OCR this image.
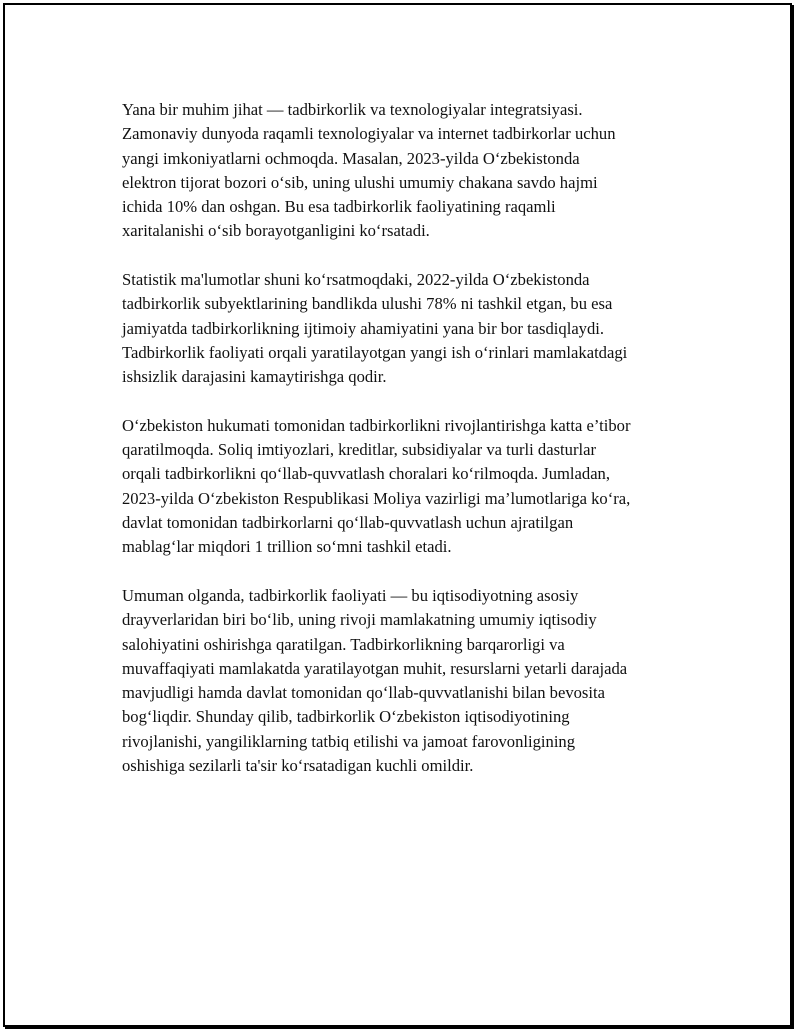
Yana bir muhim jihat — tadbirkorlik va texnologiyalar integratsiyasi.
Zamonaviy dunyoda raqamli texnologiyalar va internet tadbirkorlar uchun
yangi imkoniyatlarni ochmoqda. Masalan, 2023-yilda Oʻzbekistonda
elektron tijorat bozori oʻsib, uning ulushi umumiy chakana savdo hajmi
ichida 10% dan oshgan. Bu esa tadbirkorlik faoliyatining raqamli
xaritalanishi oʻsib borayotganligini koʻrsatadi.

Statistik ma'lumotlar shuni koʻrsatmoqdaki, 2022-yilda Oʻzbekistonda
tadbirkorlik subyektlarining bandlikda ulushi 78% ni tashkil etgan, bu esa
jamiyatda tadbirkorlikning ijtimoiy ahamiyatini yana bir bor tasdiqlaydi.
Tadbirkorlik faoliyati orqali yaratilayotgan yangi ish oʻrinlari mamlakatdagi
ishsizlik darajasini kamaytirishga qodir.

Oʻzbekiston hukumati tomonidan tadbirkorlikni rivojlantirishga katta e’tibor
qaratilmoqda. Soliq imtiyozlari, kreditlar, subsidiyalar va turli dasturlar
orqali tadbirkorlikni qoʻllab-quvvatlash choralari koʻrilmoqda. Jumladan,
2023-yilda Oʻzbekiston Respublikasi Moliya vazirligi ma’lumotlariga koʻra,
davlat tomonidan tadbirkorlarni qoʻllab-quvvatlash uchun ajratilgan
mablagʻlar miqdori 1 trillion soʻmni tashkil etadi.

Umuman olganda, tadbirkorlik faoliyati — bu iqtisodiyotning asosiy
drayverlaridan biri boʻlib, uning rivoji mamlakatning umumiy iqtisodiy
salohiyatini oshirishga qaratilgan. Tadbirkorlikning barqarorligi va
muvaffaqiyati mamlakatda yaratilayotgan muhit, resurslarni yetarli darajada
mavjudligi hamda davlat tomonidan qoʻllab-quvvatlanishi bilan bevosita
bogʻliqdir. Shunday qilib, tadbirkorlik Oʻzbekiston iqtisodiyotining
rivojlanishi, yangiliklarning tatbiq etilishi va jamoat farovonligining
oshishiga sezilarli ta'sir koʻrsatadigan kuchli omildir.
